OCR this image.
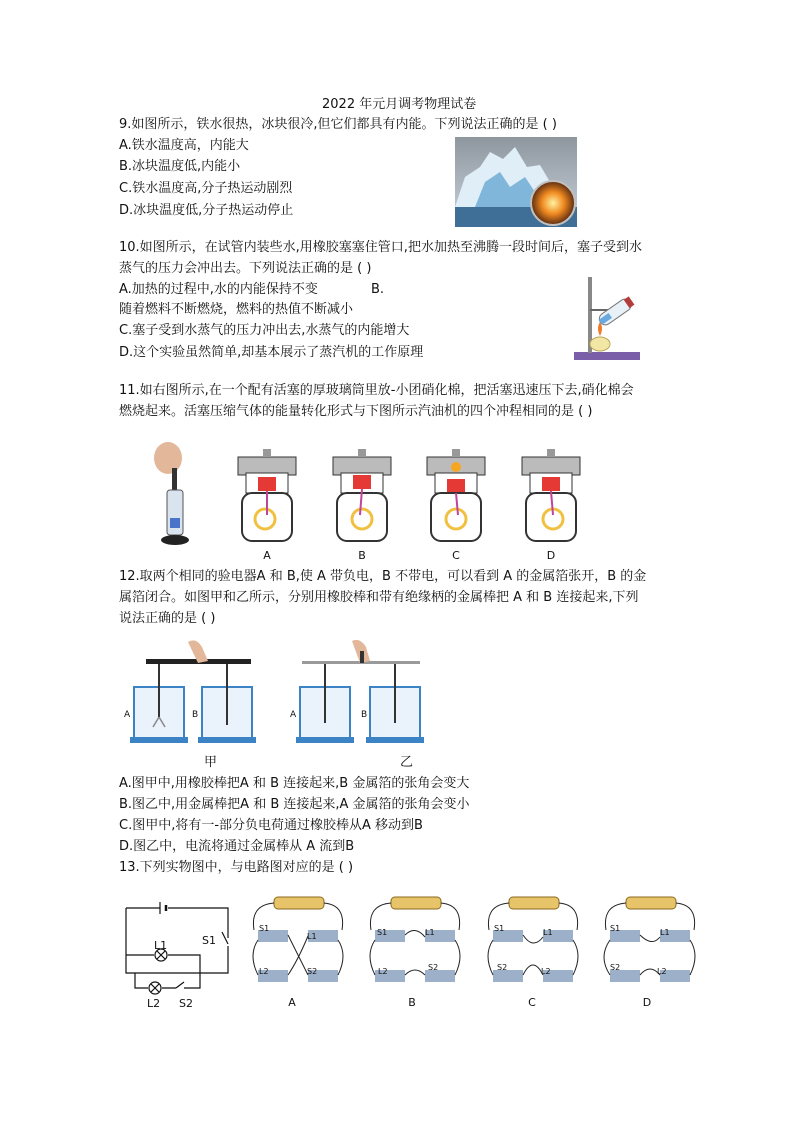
2022 年元月调考物理试卷
9.如图所示，铁水很热，冰块很冷,但它们都具有内能。下列说法正确的是 ( )
A.铁水温度高，内能大
B.冰块温度低,内能小
C.铁水温度高,分子热运动剧烈
D.冰块温度低,分子热运动停止
10.如图所示，在试管内装些水,用橡胶塞塞住管口,把水加热至沸腾一段时间后，塞子受到水
蒸气的压力会冲出去。下列说法正确的是 ( )
A.加热的过程中,水的内能保持不变	B.
随着燃料不断燃烧，燃料的热值不断减小
C.塞子受到水蒸气的压力冲出去,水蒸气的内能增大
D.这个实验虽然简单,却基本展示了蒸汽机的工作原理
11.如右图所示,在一个配有活塞的厚玻璃筒里放-小团硝化棉，把活塞迅速压下去,硝化棉会
燃烧起来。活塞压缩气体的能量转化形式与下图所示汽油机的四个冲程相同的是 ( )
A	B	C	D
12.取两个相同的验电器A 和 B,使 A 带负电，B 不带电，可以看到 A 的金属箔张开，B 的金
属箔闭合。如图甲和乙所示，分别用橡胶棒和带有绝缘柄的金属棒把 A 和 B 连接起来,下列
说法正确的是 ( )
A	B	A	B
甲	乙
A.图甲中,用橡胶棒把A 和 B 连接起来,B 金属箔的张角会变大
B.图乙中,用金属棒把A 和 B 连接起来,A 金属箔的张角会变小
C.图甲中,将有一-部分负电荷通过橡胶棒从A 移动到B
D.图乙中，电流将通过金属棒从 A 流到B
13.下列实物图中，与电路图对应的是 ( )
L1	S1
L2 S2
S1
L1
L2	S2
A
S1	L1
L2	S2
B
S1	L1
S2	L2
C
S1	L1
S2	L2
D
